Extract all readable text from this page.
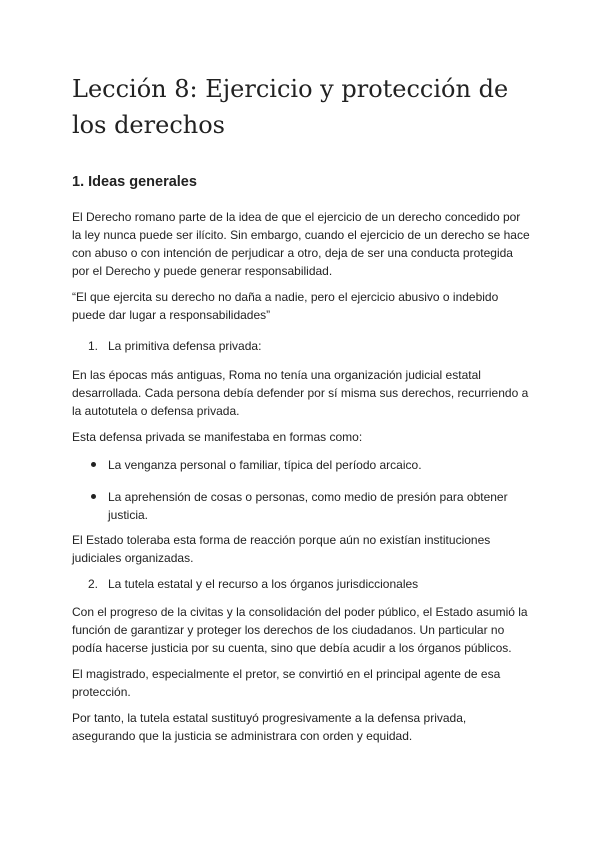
Lección 8: Ejercicio y protección de los derechos
1. Ideas generales

El Derecho romano parte de la idea de que el ejercicio de un derecho concedido por la ley nunca puede ser ilícito. Sin embargo, cuando el ejercicio de un derecho se hace con abuso o con intención de perjudicar a otro, deja de ser una conducta protegida por el Derecho y puede generar responsabilidad.

“El que ejercita su derecho no daña a nadie, pero el ejercicio abusivo o indebido puede dar lugar a responsabilidades”

1. La primitiva defensa privada:

En las épocas más antiguas, Roma no tenía una organización judicial estatal desarrollada. Cada persona debía defender por sí misma sus derechos, recurriendo a la autotutela o defensa privada.

Esta defensa privada se manifestaba en formas como:

La venganza personal o familiar, típica del período arcaico.

La aprehensión de cosas o personas, como medio de presión para obtener justicia.

El Estado toleraba esta forma de reacción porque aún no existían instituciones judiciales organizadas.

2. La tutela estatal y el recurso a los órganos jurisdiccionales

Con el progreso de la civitas y la consolidación del poder público, el Estado asumió la función de garantizar y proteger los derechos de los ciudadanos. Un particular no podía hacerse justicia por su cuenta, sino que debía acudir a los órganos públicos.

El magistrado, especialmente el pretor, se convirtió en el principal agente de esa protección.

Por tanto, la tutela estatal sustituyó progresivamente a la defensa privada, asegurando que la justicia se administrara con orden y equidad.
